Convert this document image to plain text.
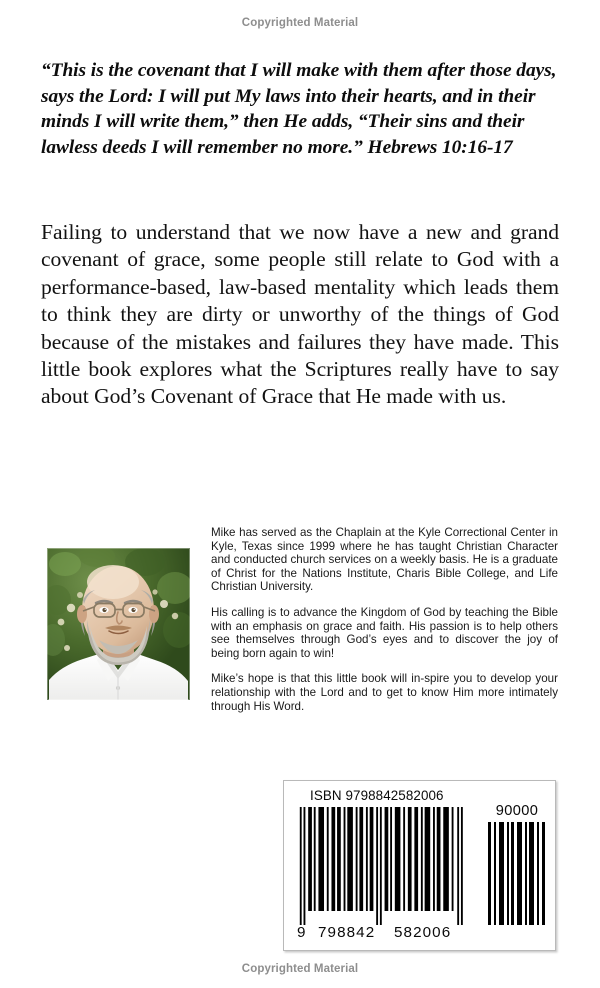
Copyrighted Material
“This is the covenant that I will make with them after those days, says the Lord: I will put My laws into their hearts, and in their minds I will write them,” then He adds, “Their sins and their lawless deeds I will remember no more.” Hebrews 10:16-17

Failing to understand that we now have a new and grand covenant of grace, some people still relate to God with a performance-based, law-based mentality which leads them to think they are dirty or unworthy of the things of God because of the mistakes and failures they have made. This little book explores what the Scriptures really have to say about God’s Covenant of Grace that He made with us.

Mike has served as the Chaplain at the Kyle Correctional Center in Kyle, Texas since 1999 where he has taught Christian Character and conducted church services on a weekly basis. He is a graduate of Christ for the Nations Institute, Charis Bible College, and Life Christian University.

His calling is to advance the Kingdom of God by teaching the Bible with an emphasis on grace and faith. His passion is to help others see themselves through God’s eyes and to discover the joy of being born again to win!

Mike’s hope is that this little book will in-spire you to develop your relationship with the Lord and to get to know Him more intimately through His Word.

ISBN 9798842582006
90000
9 798842 582006
Copyrighted Material
